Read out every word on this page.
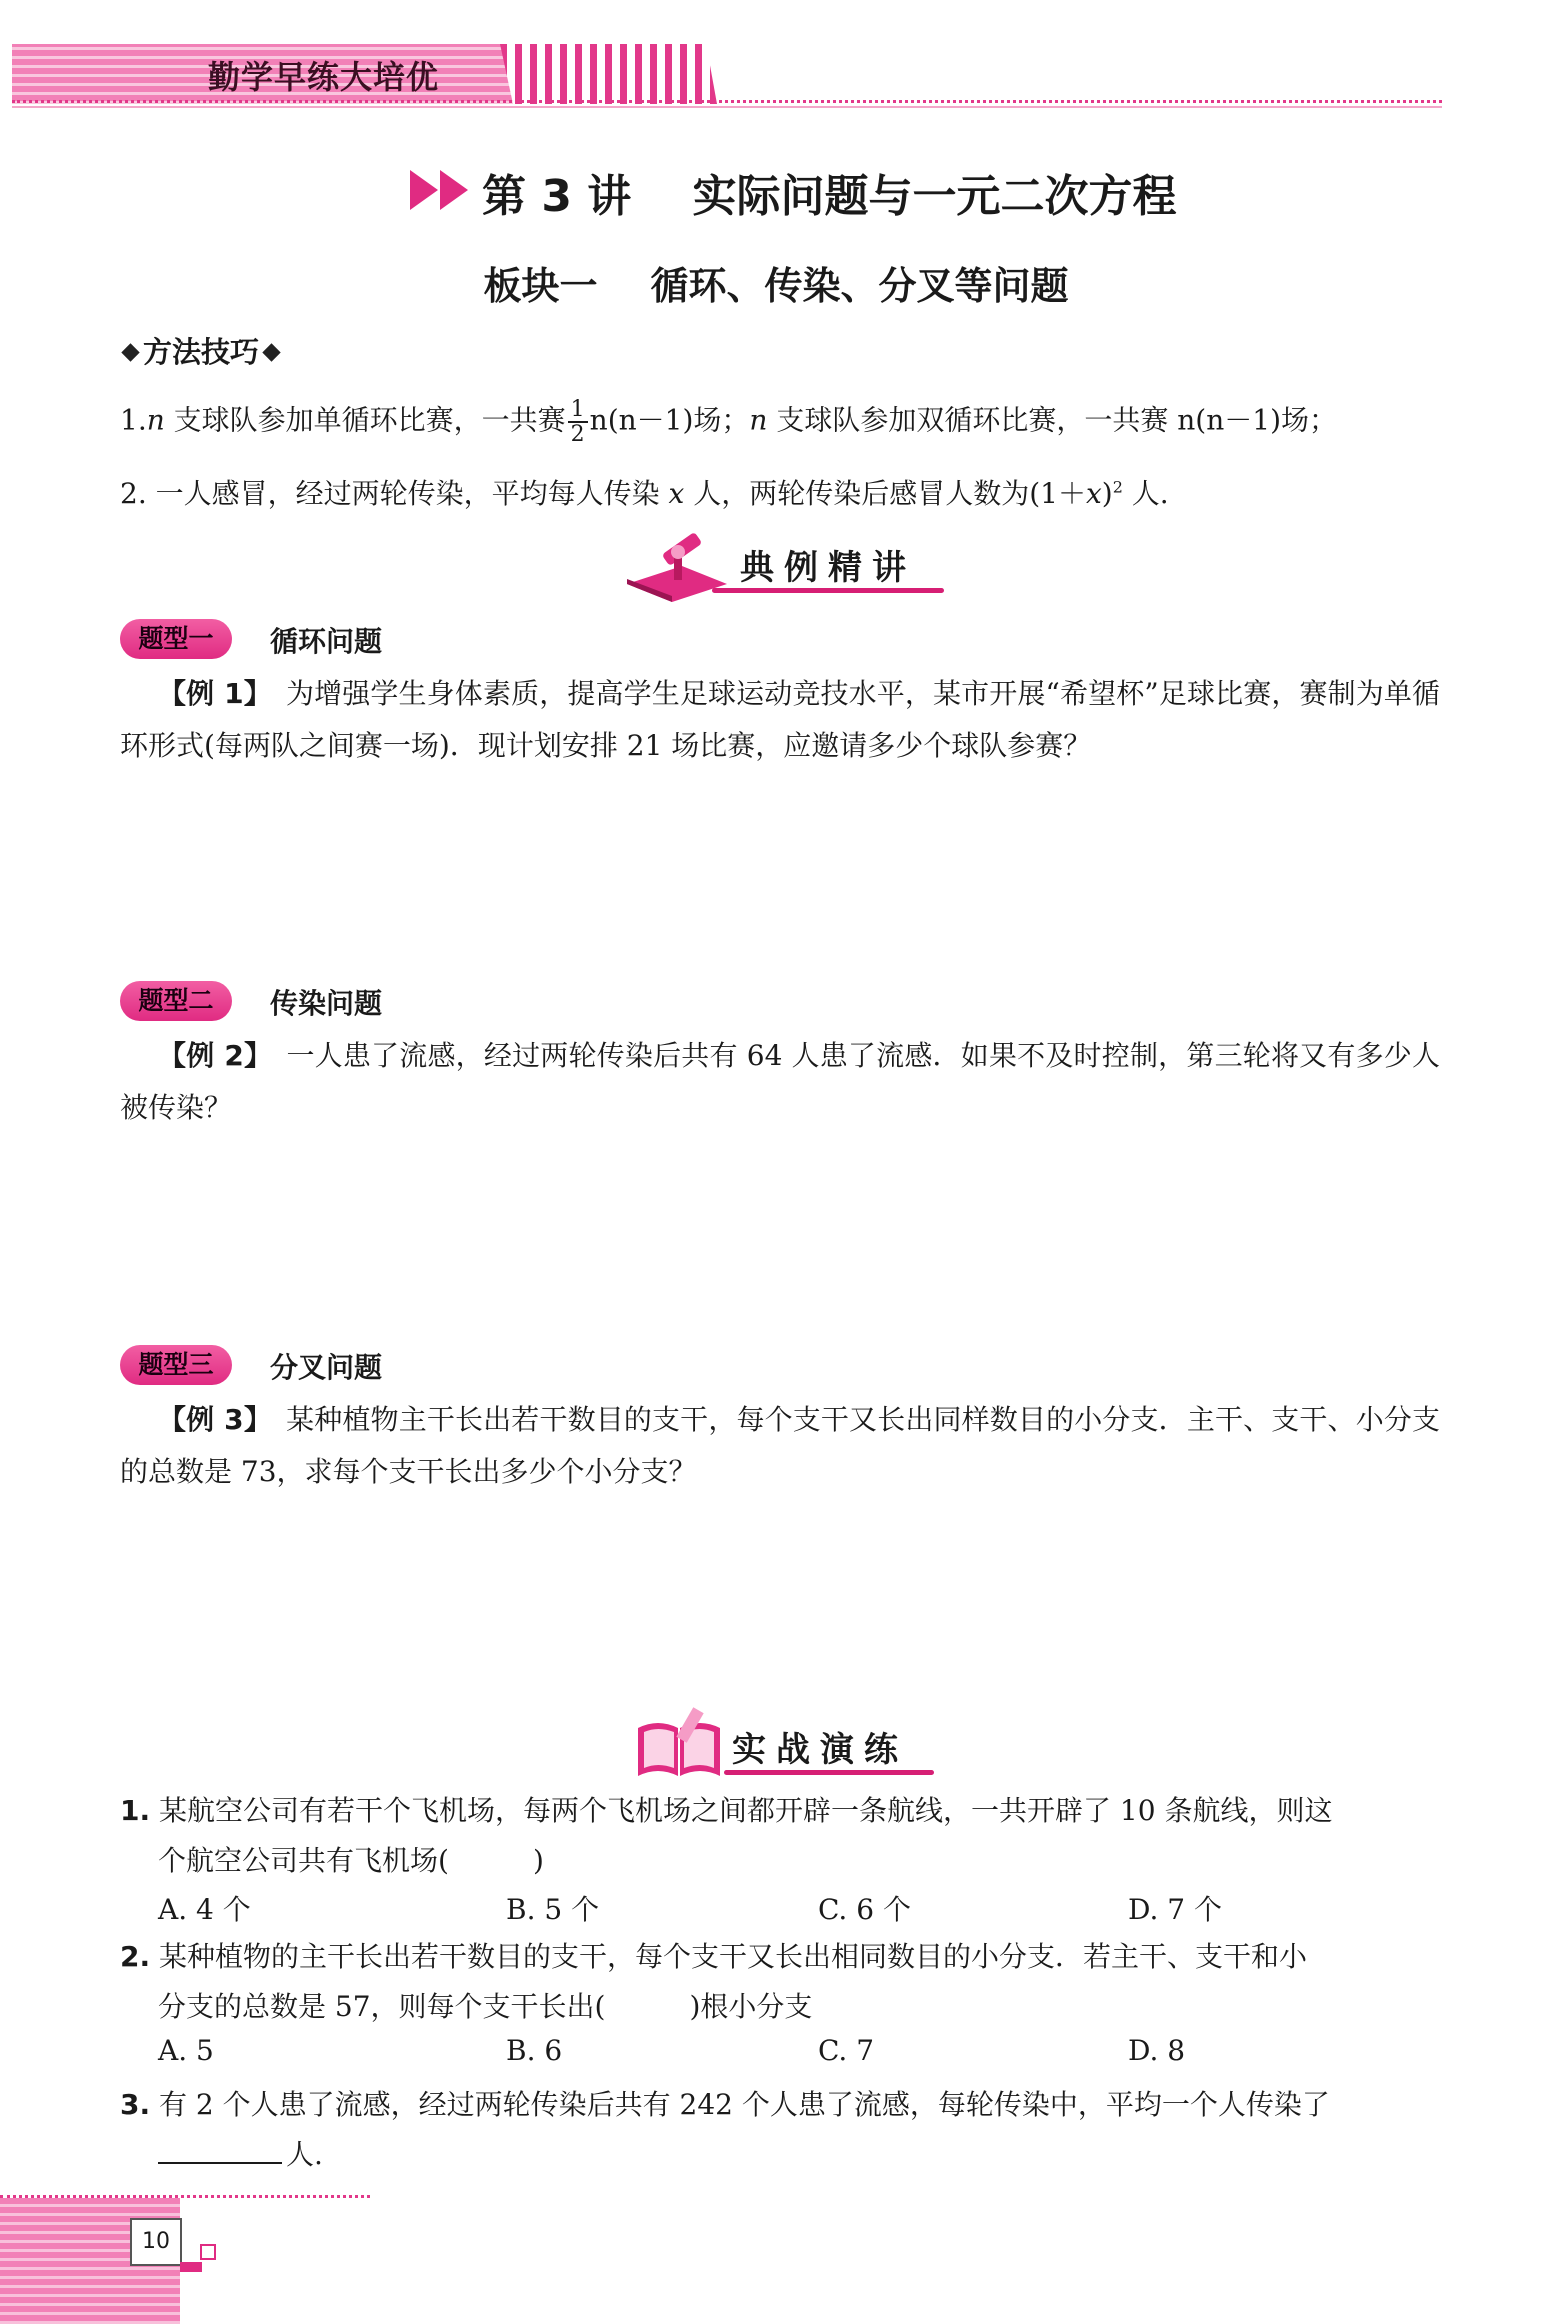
勤学早练大培优
第 3 讲    实际问题与一元二次方程
板块一    循环、传染、分叉等问题
方法技巧
1.n 支球队参加单循环比赛，一共赛 $\frac{1}{2} n(n-1)$场；n 支球队参加双循环比赛，一共赛 n(n－1)场；
2. 一人感冒，经过两轮传染，平均每人传染 x 人，两轮传染后感冒人数为$(1+x)^2$ 人.
典例精讲
题型一	循环问题
【例 1】　 为增强学生身体素质，提高学生足球运动竞技水平，某市开展“希望杯”足球比赛，赛制为单循环形式(每两队之间赛一场)．现计划安排 21 场比赛，应邀请多少个球队参赛？
题型二	传染问题
【例 2】　 一人患了流感，经过两轮传染后共有 64 人患了流感．如果不及时控制，第三轮将又有多少人被传染？
题型三	分叉问题
【例 3】　 某种植物主干长出若干数目的支干，每个支干又长出同样数目的小分支．主干、支干、小分支的总数是 73，求每个支干长出多少个小分支？
实战演练
1. 某航空公司有若干个飞机场，每两个飞机场之间都开辟一条航线，一共开辟了 10 条航线，则这
个航空公司共有飞机场(	)
A. 4 个	B. 5 个	C. 6 个	D. 7 个
2. 某种植物的主干长出若干数目的支干，每个支干又长出相同数目的小分支．若主干、支干和小
分支的总数是 57，则每个支干长出(	)根小分支
A. 5	B. 6	C. 7	D. 8
3. 有 2 个人患了流感，经过两轮传染后共有 242 个人患了流感，每轮传染中，平均一个人传染了
人.
10
